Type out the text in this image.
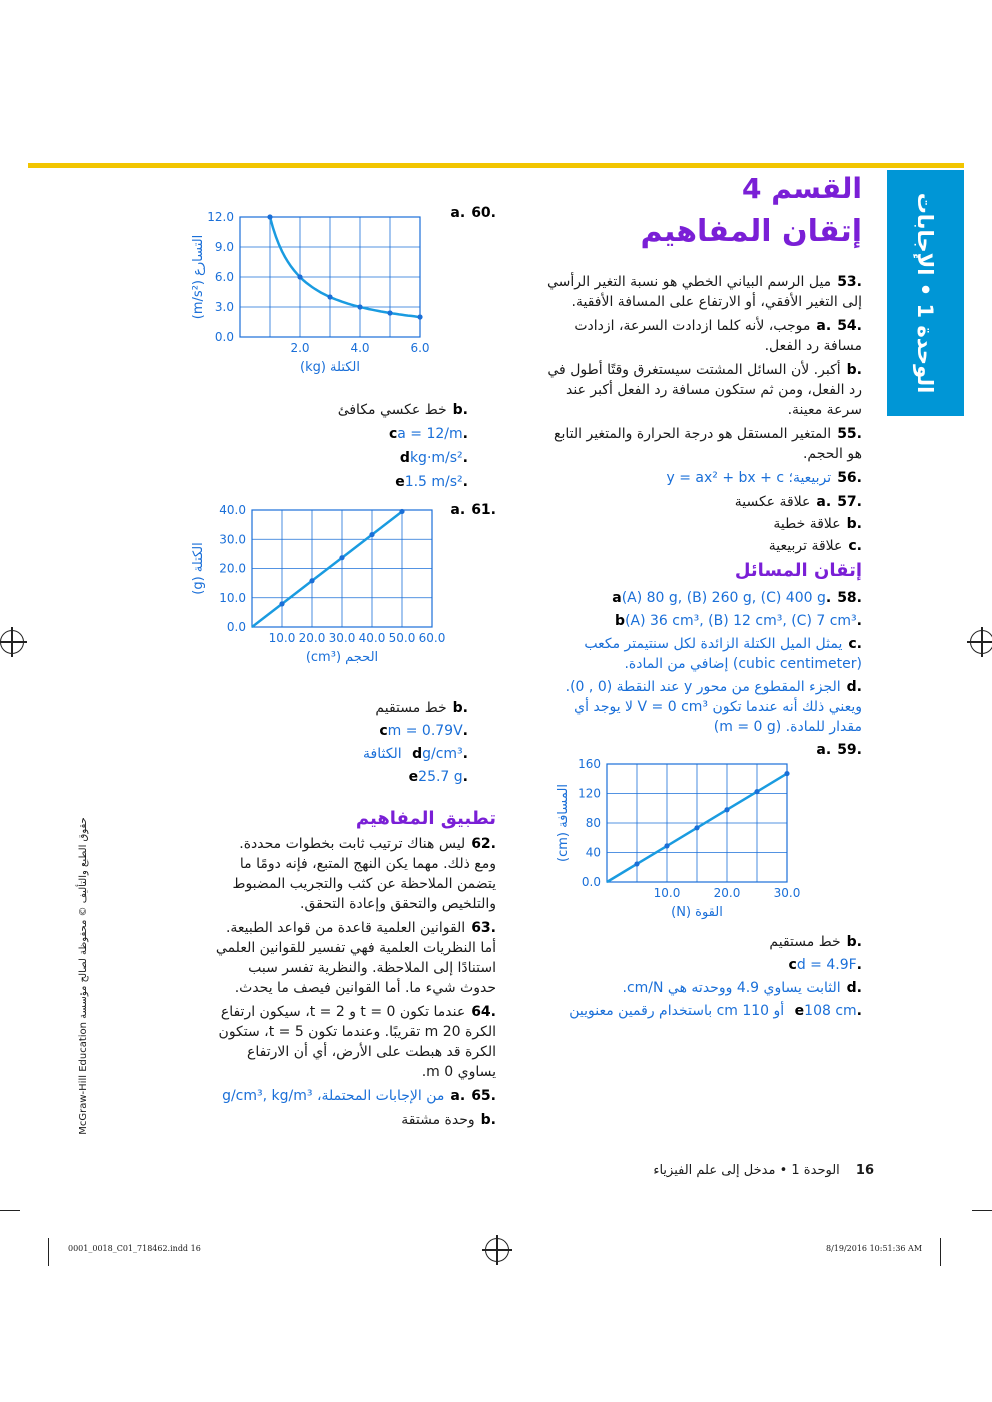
الوحدة 1 • الإجابات
القسم 4
إتقان المفاهيم
.53ميل الرسم البياني الخطي هو نسبة التغير الرأسي إلى التغير الأفقي، أو الارتفاع على المسافة الأفقية.
.54.aموجب، لأنه كلما ازدادت السرعة، ازدادت مسافة رد الفعل.
.bأكبر. لأن السائل المشتت سيستغرق وقتًا أطول في رد الفعل، ومن ثم ستكون مسافة رد الفعل أكبر عند سرعة معينة.
.55المتغير المستقل هو درجة الحرارة والمتغير التابع هو الحجم.
.56تربيعية؛ y = ax² + bx + c
.57.aعلاقة عكسية
.bعلاقة خطية
.cعلاقة تربيعية
إتقان المسائل
.58.a(A) 80 g, (B) 260 g, (C) 400 g
.b(A) 36 cm³, (B) 12 cm³, (C) 7 cm³
.cيمثل الميل الكتلة الزائدة لكل سنتيمتر مكعب (cubic centimeter) إضافي من المادة.
.dالجزء المقطوع من محور y عند النقطة (0 , 0). ويعني ذلك أنه عندما تكون V = 0 cm³ لا يوجد أي مقدار للمادة. (m = 0 g)
.59.a
0.0
40
80
120
160
10.0	20.0	30.0
القوة (N)
المسافة (cm)
.bخط مستقيم
.cd = 4.9F
.dالثابت يساوي 4.9 ووحدته هي cm/N.
.e108 cm أو 110 cm باستخدام رقمين معنويين
.60.a
0.0
3.0
6.0
9.0
12.0
2.0	4.0	6.0
الكتلة (kg)
التسارع (m/s²)
.bخط عكسي مكافئ
.ca = 12/m
.dkg·m/s²
.e1.5 m/s²
.61.a
0.0
10.0
20.0
30.0
40.0
10.0 20.0 30.0 40.0 50.0 60.0
الحجم (cm³)
الكتلة (g)
.bخط مستقيم
.cm = 0.79V
.dg/cm³ الكثافة
.e25.7 g
تطبيق المفاهيم
.62ليس هناك ترتيب ثابت بخطوات محددة. ومع ذلك. مهما يكن النهج المتبع، فإنه دومًا ما يتضمن الملاحظة عن كثب والتجريب المضبوط والتلخيص والتحقق وإعادة التحقق.
.63القوانين العلمية قاعدة من قواعد الطبيعة. أما النظريات العلمية فهي تفسير للقوانين العلمي استنادًا إلى الملاحظة. والنظرية تفسر سبب حدوث شيء ما. أما القوانين فيصف ما يحدث.
.64عندما تكون t = 0 و t = 2، سيكون ارتفاع الكرة 20 m تقريبًا. وعندما تكون t = 5، ستكون الكرة قد هبطت على الأرض، أي أن الارتفاع يساوي 0 m.
.65.aمن الإجابات المحتملة، g/cm³, kg/m³
.bوحدة مشتقة
حقوق الطبع والتأليف © محفوظة لصالح مؤسسة McGraw-Hill Education
16 الوحدة 1 • مدخل إلى علم الفيزياء
0001_0018_C01_718462.indd 16	8/19/2016 10:51:36 AM
